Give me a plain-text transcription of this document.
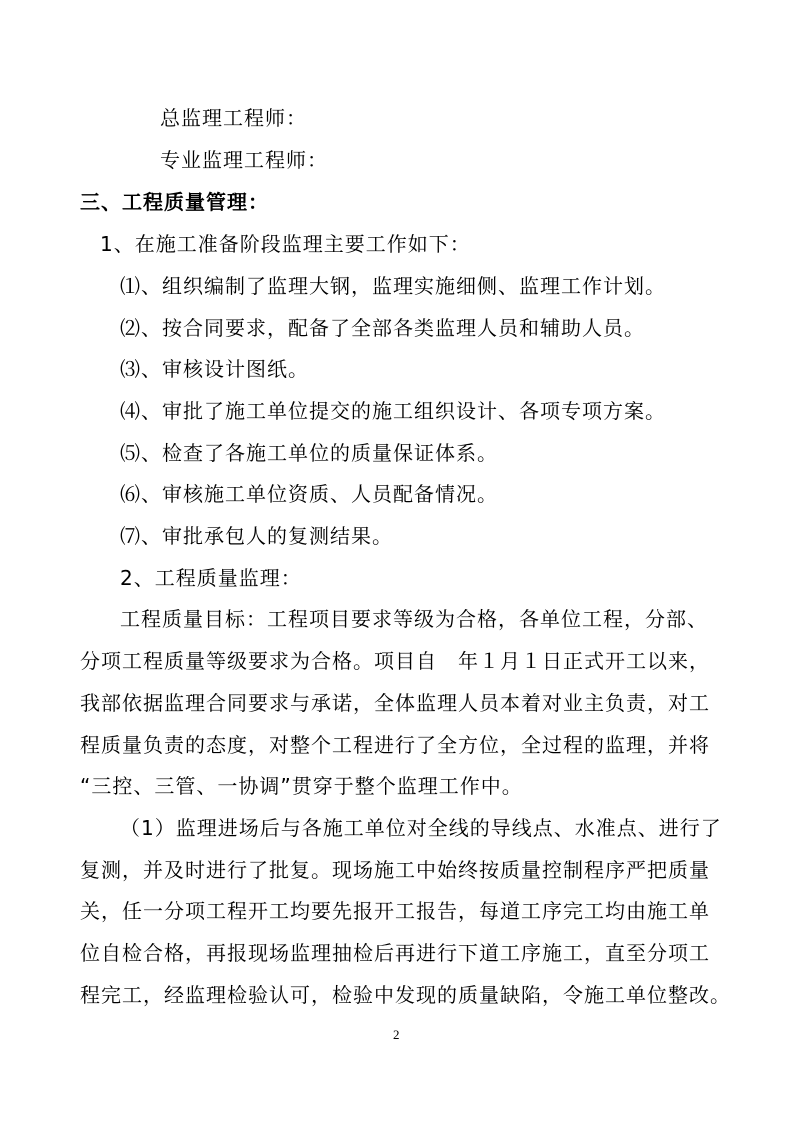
总监理工程师：
专业监理工程师：
三、工程质量管理：
1、在施工准备阶段监理主要工作如下：
⑴、组织编制了监理大钢，监理实施细侧、监理工作计划。
⑵、按合同要求，配备了全部各类监理人员和辅助人员。
⑶、审核设计图纸。
⑷、审批了施工单位提交的施工组织设计、各项专项方案。
⑸、检查了各施工单位的质量保证体系。
⑹、审核施工单位资质、人员配备情况。
⑺、审批承包人的复测结果。
2、工程质量监理：
工程质量目标：工程项目要求等级为合格，各单位工程，分部、
分项工程质量等级要求为合格。项目自　年１月１日正式开工以来，
我部依据监理合同要求与承诺，全体监理人员本着对业主负责，对工
程质量负责的态度，对整个工程进行了全方位，全过程的监理，并将
“三控、三管、一协调”贯穿于整个监理工作中。
（1）监理进场后与各施工单位对全线的导线点、水准点、进行了
复测，并及时进行了批复。现场施工中始终按质量控制程序严把质量
关，任一分项工程开工均要先报开工报告，每道工序完工均由施工单
位自检合格，再报现场监理抽检后再进行下道工序施工，直至分项工
程完工，经监理检验认可，检验中发现的质量缺陷，令施工单位整改。
2
